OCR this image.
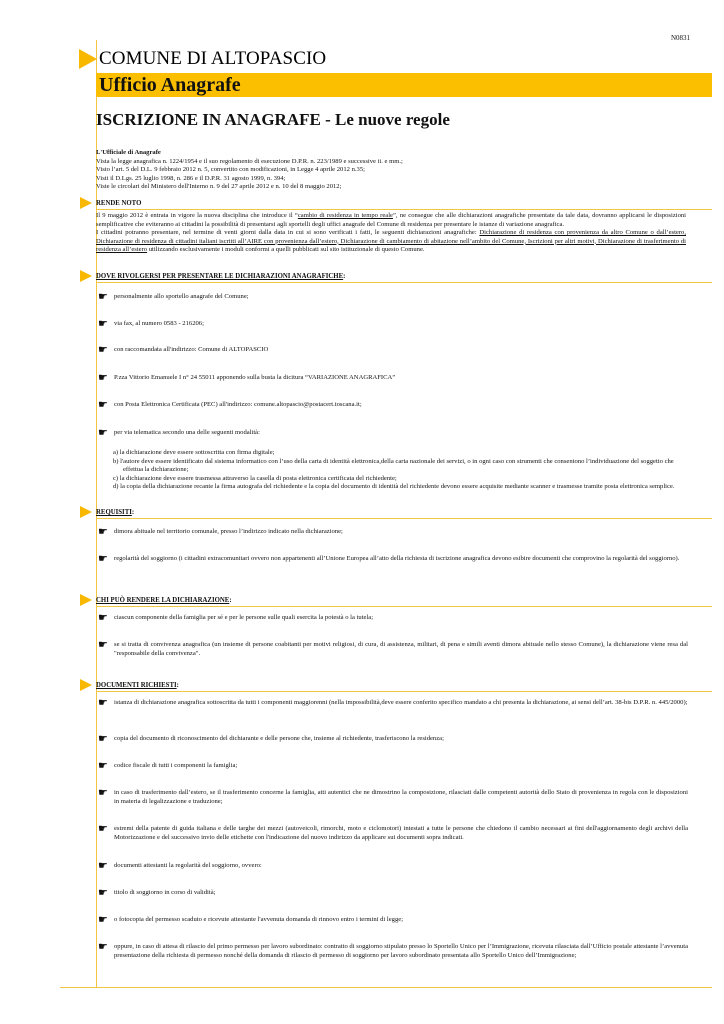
N0831
COMUNE DI ALTOPASCIO
Ufficio Anagrafe
ISCRIZIONE IN ANAGRAFE - Le nuove regole
L'Ufficiale di Anagrafe
Vista la legge anagrafica n. 1224/1954 e il suo regolamento di esecuzione D.P.R. n. 223/1989 e successive ii. e mm.;
Visto l’art. 5 del D.L. 9 febbraio 2012 n. 5, convertito con modificazioni, in Legge 4 aprile 2012 n.35;
Visti il D.Lgs. 25 luglio 1998, n. 286 e il D.P.R. 31 agosto 1999, n. 394;
Viste le circolari del Ministero dell'Interno n. 9 del 27 aprile 2012 e n. 10 del 8 maggio 2012;
RENDE NOTO
Il 9 maggio 2012 è entrata in vigore la nuova disciplina che introduce il “cambio di residenza in tempo reale”, ne consegue che alle dichiarazioni anagrafiche presentate da tale data, dovranno applicarsi le disposizioni semplificative che eviteranno ai cittadini la possibilità di presentarsi agli sportelli degli uffici anagrafe del Comune di residenza per presentare le istanze di variazione anagrafica.
I cittadini potranno presentare, nel termine di venti giorni dalla data in cui si sono verificati i fatti, le seguenti dichiarazioni anagrafiche: Dichiarazione di residenza con provenienza da altro Comune o dall’estero, Dichiarazione di residenza di cittadini italiani iscritti all’AIRE con provenienza dall’estero, Dichiarazione di cambiamento di abitazione nell’ambito del Comune, Iscrizioni per altri motivi, Dichiarazione di trasferimento di residenza all’estero utilizzando esclusivamente i moduli conformi a quelli pubblicati sul sito istituzionale di questo Comune.
DOVE RIVOLGERSI PER PRESENTARE LE DICHIARAZIONI ANAGRAFICHE:
☛ personalmente allo sportello anagrafe del Comune;
☛ via fax, al numero 0583 - 216206;
☛ con raccomandata all'indirizzo: Comune di ALTOPASCIO
☛ P.zza Vittorio Emanuele I n° 24 55011 apponendo sulla busta la dicitura “VARIAZIONE ANAGRAFICA”
☛ con Posta Elettronica Certificata (PEC) all'indirizzo: comune.altopascio@postacert.toscana.it;
☛ per via telematica secondo una delle seguenti modalità:
a) la dichiarazione deve essere sottoscritta con firma digitale;
b) l'autore deve essere identificato dal sistema informatico con l’uso della carta di identità elettronica,della carta nazionale dei servizi, o in ogni caso con strumenti che consentono l’individuazione del soggetto che effettua la dichiarazione;
c) la dichiarazione deve essere trasmessa attraverso la casella di posta elettronica certificata del richiedente;
d) la copia della dichiarazione recante la firma autografa del richiedente e la copia del documento di identità del richiedente devono essere acquisite mediante scanner e trasmesse tramite posta elettronica semplice.
REQUISITI:
☛ dimora abituale nel territorio comunale, presso l’indirizzo indicato nella dichiarazione;
☛ regolarità del soggiorno (i cittadini extracomunitari ovvero non appartenenti all’Unione Europea all’atto della richiesta di iscrizione anagrafica devono esibire documenti che comprovino la regolarità del soggiorno).
CHI PUÒ RENDERE LA DICHIARAZIONE:
☛ ciascun componente della famiglia per sé e per le persone sulle quali esercita la potestà o la tutela;
☛ se si tratta di convivenza anagrafica (un insieme di persone coabitanti per motivi religiosi, di cura, di assistenza, militari, di pena e simili aventi dimora abituale nello stesso Comune), la dichiarazione viene resa dal "responsabile della convivenza".
DOCUMENTI RICHIESTI:
☛ istanza di dichiarazione anagrafica sottoscritta da tutti i componenti maggiorenni (nella impossibilità,deve essere conferito specifico mandato a chi presenta la dichiarazione, ai sensi dell’art. 38-bis D.P.R. n. 445/2000);
☛ copia del documento di riconoscimento del dichiarante e delle persone che, insieme al richiedente, trasferiscono la residenza;
☛ codice fiscale di tutti i componenti la famiglia;
☛ in caso di trasferimento dall’estero, se il trasferimento concerne la famiglia, atti autentici che ne dimostrino la composizione, rilasciati dalle competenti autorità dello Stato di provenienza in regola con le disposizioni in materia di legalizzazione e traduzione;
☛ estremi della patente di guida italiana e delle targhe dei mezzi (autoveicoli, rimorchi, moto e ciclomotori) intestati a tutte le persone che chiedono il cambio necessari ai fini dell'aggiornamento degli archivi della Motorizzazione e del successivo invio delle etichette con l'indicazione del nuovo indirizzo da applicare sui documenti sopra indicati.
☛ documenti attestanti la regolarità del soggiorno, ovvero:
☛ titolo di soggiorno in corso di validità;
☛ o fotocopia del permesso scaduto e ricevute attestante l'avvenuta domanda di rinnovo entro i termini di legge;
☛ oppure, in caso di attesa di rilascio del primo permesso per lavoro subordinato: contratto di soggiorno stipulato presso lo Sportello Unico per l’Immigrazione, ricevuta rilasciata dall’Ufficio postale attestante l’avvenuta presentazione della richiesta di permesso nonché della domanda di rilascio di permesso di soggiorno per lavoro subordinato presentata allo Sportello Unico dell’Immigrazione;
